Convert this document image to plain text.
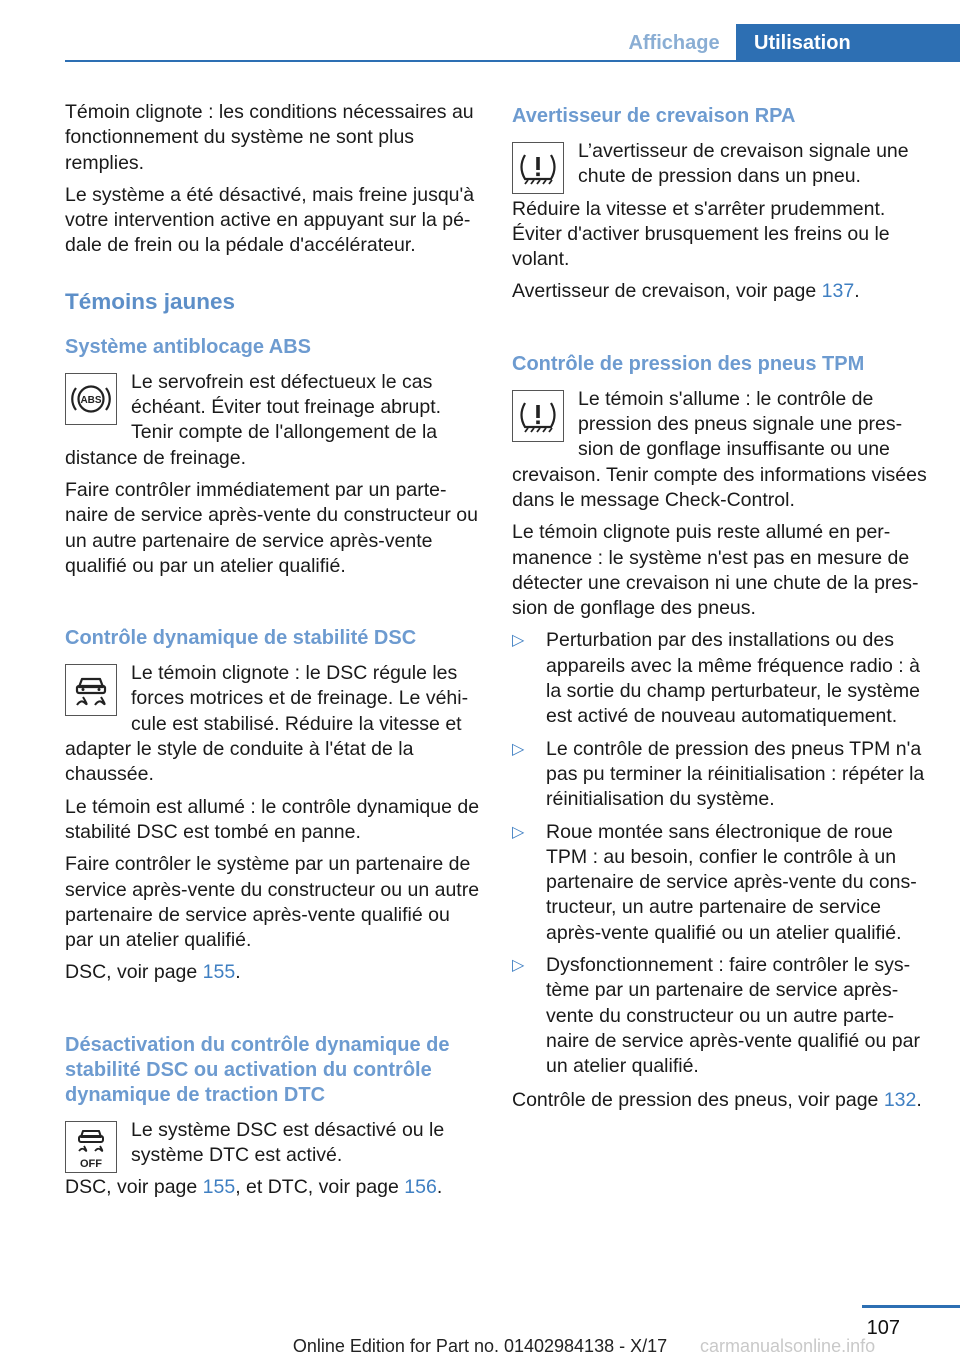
Affichage	Utilisation

Témoin clignote : les conditions nécessaires au fonctionnement du système ne sont plus remplies.

Le système a été désactivé, mais freine jusqu'à votre intervention active en appuyant sur la pédale de frein ou la pédale d'accélérateur.

Témoins jaunes
Système antiblocage ABS
ABS

Le servofrein est défectueux le cas échéant. Éviter tout freinage abrupt. Tenir compte de l'allongement de la distance de freinage.

Faire contrôler immédiatement par un partenaire de service après-vente du constructeur ou un autre partenaire de service après-vente qualifié ou par un atelier qualifié.

Contrôle dynamique de stabilité DSC

Le témoin clignote : le DSC régule les forces motrices et de freinage. Le véhicule est stabilisé. Réduire la vitesse et adapter le style de conduite à l'état de la chaussée.

Le témoin est allumé : le contrôle dynamique de stabilité DSC est tombé en panne.

Faire contrôler le système par un partenaire de service après-vente du constructeur ou un autre partenaire de service après-vente qualifié ou par un atelier qualifié.

DSC, voir page 155.

Désactivation du contrôle dynamique de stabilité DSC ou activation du contrôle dynamique de traction DTC
OFF

Le système DSC est désactivé ou le système DTC est activé.

DSC, voir page 155, et DTC, voir page 156.

Avertisseur de crevaison RPA

L’avertisseur de crevaison signale une chute de pression dans un pneu.

Réduire la vitesse et s'arrêter prudemment. Éviter d'activer brusquement les freins ou le volant.

Avertisseur de crevaison, voir page 137.

Contrôle de pression des pneus TPM

Le témoin s'allume : le contrôle de pression des pneus signale une pression de gonflage insuffisante ou une crevaison. Tenir compte des informations visées dans le message Check-Control.

Le témoin clignote puis reste allumé en permanence : le système n'est pas en mesure de détecter une crevaison ni une chute de la pression de gonflage des pneus.

▷ Perturbation par des installations ou des appareils avec la même fréquence radio : à la sortie du champ perturbateur, le système est activé de nouveau automatiquement.
▷ Le contrôle de pression des pneus TPM n'a pas pu terminer la réinitialisation : répéter la réinitialisation du système.
▷ Roue montée sans électronique de roue TPM : au besoin, confier le contrôle à un partenaire de service après-vente du constructeur, un autre partenaire de service après-vente qualifié ou un atelier qualifié.
▷ Dysfonctionnement : faire contrôler le système par un partenaire de service après-vente du constructeur ou un autre partenaire de service après-vente qualifié ou par un atelier qualifié.

Contrôle de pression des pneus, voir page 132.

107
Online Edition for Part no. 01402984138 - X/17	carmanualsonline.info
